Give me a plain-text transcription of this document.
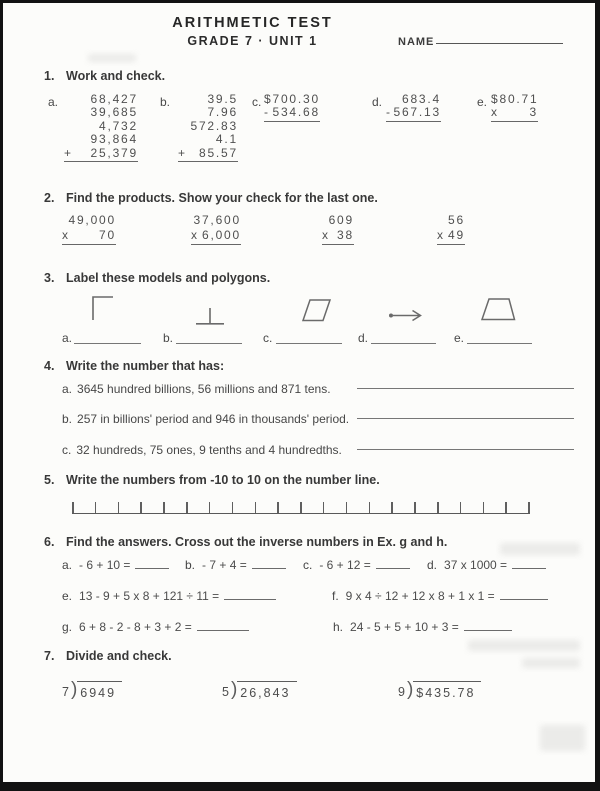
ARITHMETIC TEST
GRADE 7 · UNIT 1	NAME
1. Work and check.
a.	68,427
39,685
4,732
93,864
+ 25,379
b.	39.5
7.96
572.83
4.1
+ 85.57
c. $700.30
- 534.68
d.	683.4
- 567.13
e. $80.71
x	3
2. Find the products. Show your check for the last one.
49,000
x 70
37,600
x 6,000
609
x 38
56
x 49
3. Label these models and polygons.
a.	b.	c.	d.	e.
4. Write the number that has:
a. 3645 hundred billions, 56 millions and 871 tens.
b. 257 in billions' period and 946 in thousands' period.
c. 32 hundreds, 75 ones, 9 tenths and 4 hundredths.
5. Write the numbers from -10 to 10 on the number line.
6. Find the answers. Cross out the inverse numbers in Ex. g and h.
a. - 6 + 10 =	b. - 7 + 4 =	c. - 6 + 12 =	d. 37 x 1000 =
e. 13 - 9 + 5 x 8 + 121 ÷ 11 =	f. 9 x 4 ÷ 12 + 12 x 8 + 1 x 1 =
g. 6 + 8 - 2 - 8 + 3 + 2 =	h. 24 - 5 + 5 + 10 + 3 =
7. Divide and check.
7 ) 6949	5 ) 26,843	9 ) $435.78
